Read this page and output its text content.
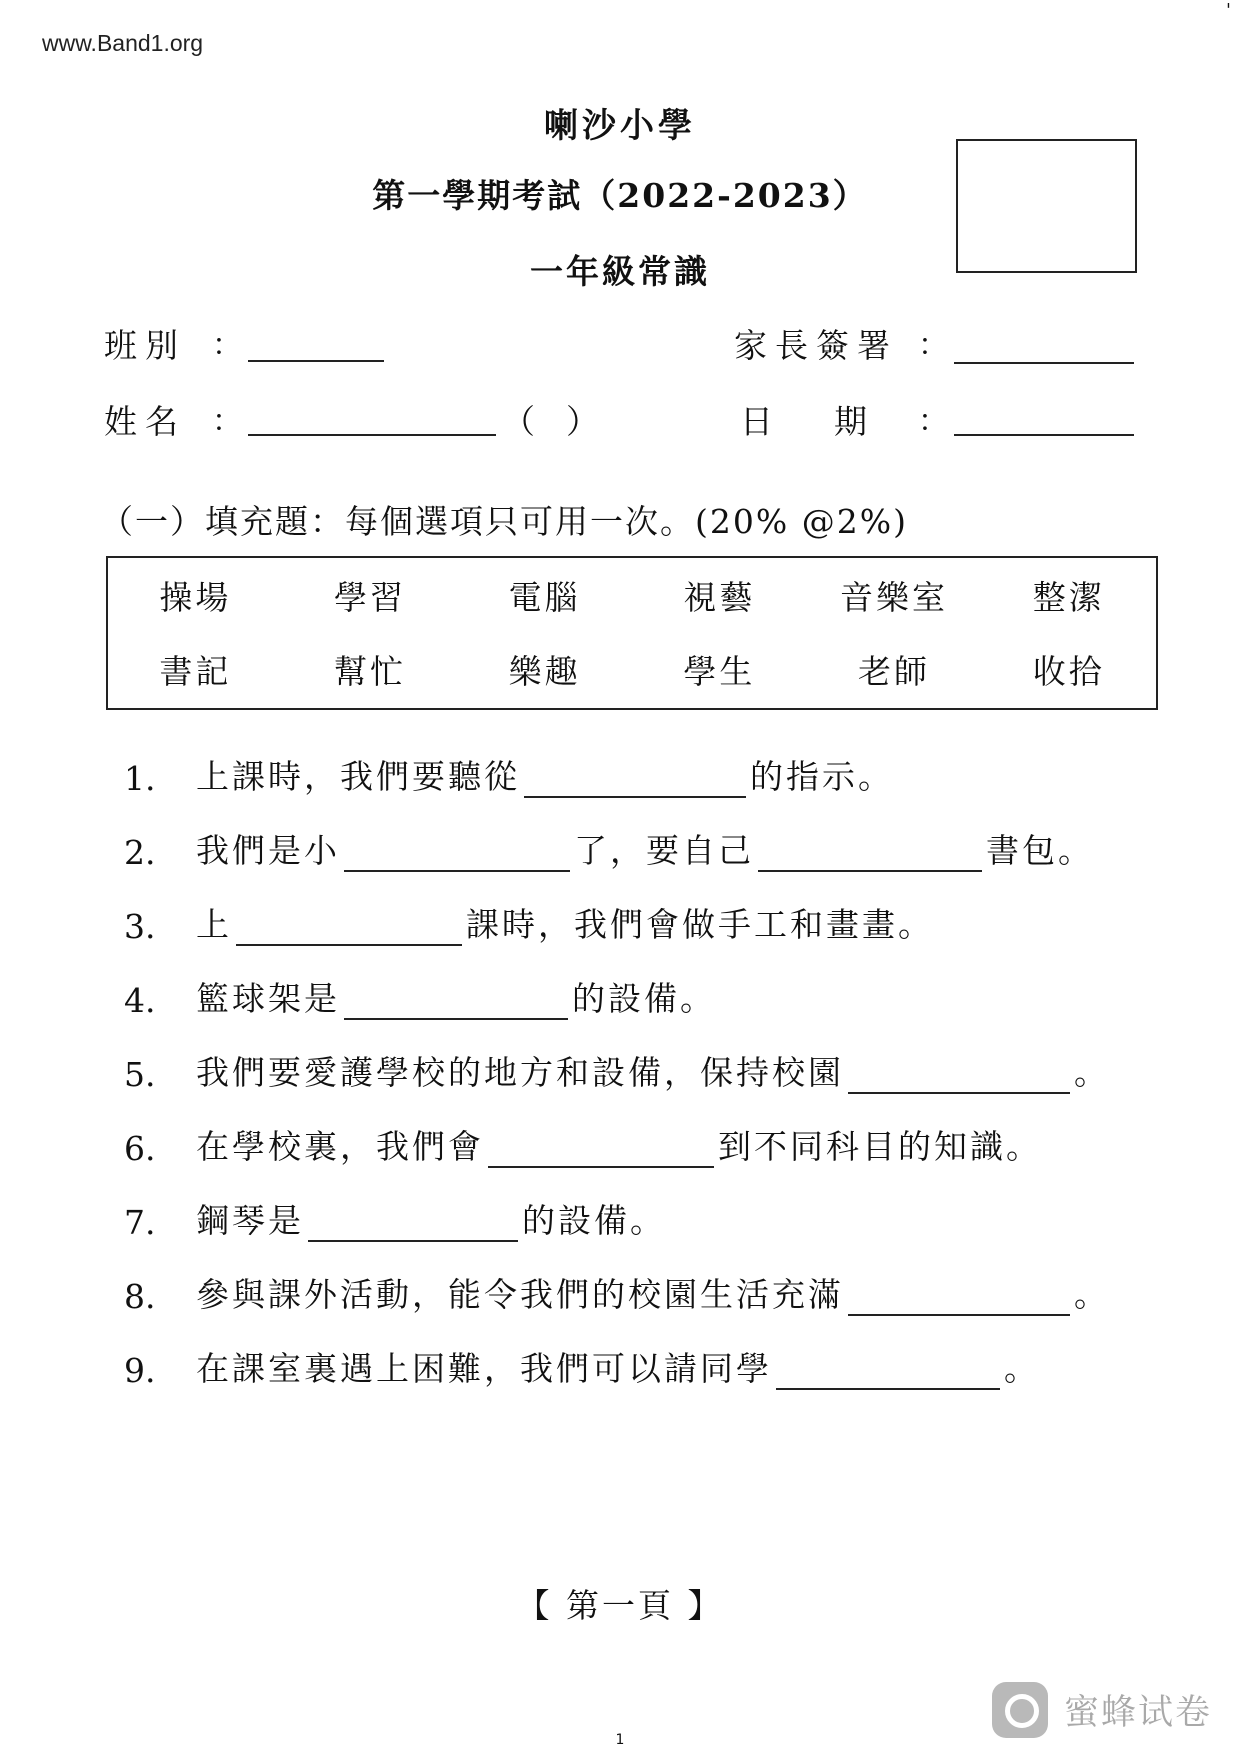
'
www.Band1.org
喇沙小學
第一學期考試（2022-2023）
一年級常識
班別 ：	家長簽署 ：
姓名 ：	（ ）	日　期 ：
（一）填充題：每個選項只可用一次。(20% @2%)
操場	學習	電腦	視藝	音樂室	整潔
書記	幫忙	樂趣	學生	老師	收拾
1.	上課時，我們要聽從	的指示。
2.	我們是小	了，要自己	書包。
3.	上	課時，我們會做手工和畫畫。
4.	籃球架是	的設備。
5.	我們要愛護學校的地方和設備，保持校園	。
6.	在學校裏，我們會	到不同科目的知識。
7.	鋼琴是	的設備。
8.	參與課外活動，能令我們的校園生活充滿	。
9.	在課室裏遇上困難，我們可以請同學	。
【 第一頁 】
蜜蜂试卷
1
